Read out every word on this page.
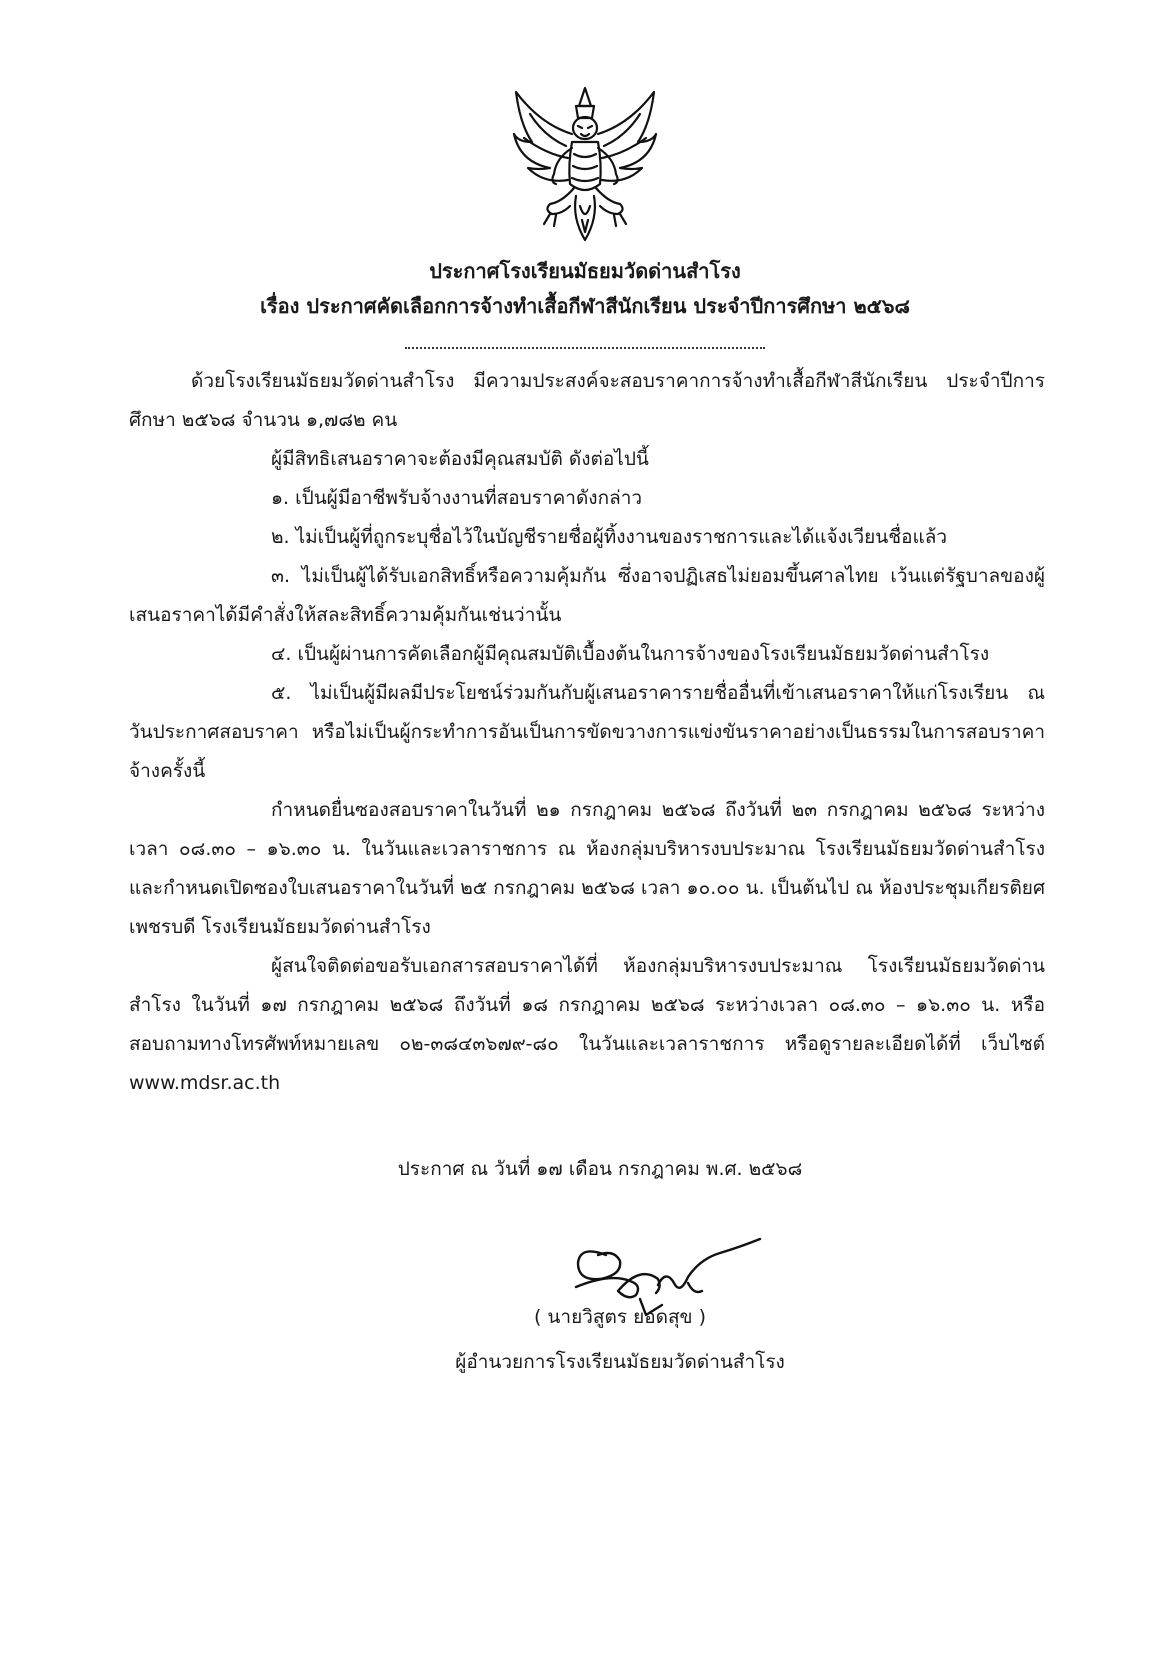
ประกาศโรงเรียนมัธยมวัดด่านสำโรง
เรื่อง ประกาศคัดเลือกการจ้างทำเสื้อกีฬาสีนักเรียน ประจำปีการศึกษา ๒๕๖๘

ด้วยโรงเรียนมัธยมวัดด่านสำโรง มีความประสงค์จะสอบราคาการจ้างทำเสื้อกีฬาสีนักเรียน ประจำปีการศึกษา ๒๕๖๘ จำนวน ๑,๗๘๒ คน

ผู้มีสิทธิเสนอราคาจะต้องมีคุณสมบัติ ดังต่อไปนี้

๑. เป็นผู้มีอาชีพรับจ้างงานที่สอบราคาดังกล่าว

๒. ไม่เป็นผู้ที่ถูกระบุชื่อไว้ในบัญชีรายชื่อผู้ทิ้งงานของราชการและได้แจ้งเวียนชื่อแล้ว

๓. ไม่เป็นผู้ได้รับเอกสิทธิ์หรือความคุ้มกัน ซึ่งอาจปฏิเสธไม่ยอมขึ้นศาลไทย เว้นแต่รัฐบาลของผู้เสนอราคาได้มีคำสั่งให้สละสิทธิ์ความคุ้มกันเช่นว่านั้น

๔. เป็นผู้ผ่านการคัดเลือกผู้มีคุณสมบัติเบื้องต้นในการจ้างของโรงเรียนมัธยมวัดด่านสำโรง

๕. ไม่เป็นผู้มีผลมีประโยชน์ร่วมกันกับผู้เสนอราคารายชื่ออื่นที่เข้าเสนอราคาให้แก่โรงเรียน ณ วันประกาศสอบราคา หรือไม่เป็นผู้กระทำการอันเป็นการขัดขวางการแข่งขันราคาอย่างเป็นธรรมในการสอบราคาจ้างครั้งนี้

กำหนดยื่นซองสอบราคาในวันที่ ๒๑ กรกฎาคม ๒๕๖๘ ถึงวันที่ ๒๓ กรกฎาคม ๒๕๖๘ ระหว่างเวลา ๐๘.๓๐ – ๑๖.๓๐ น. ในวันและเวลาราชการ ณ ห้องกลุ่มบริหารงบประมาณ โรงเรียนมัธยมวัดด่านสำโรง และกำหนดเปิดซองใบเสนอราคาในวันที่ ๒๕ กรกฎาคม ๒๕๖๘ เวลา ๑๐.๐๐ น. เป็นต้นไป ณ ห้องประชุมเกียรติยศเพชรบดี โรงเรียนมัธยมวัดด่านสำโรง

ผู้สนใจติดต่อขอรับเอกสารสอบราคาได้ที่ ห้องกลุ่มบริหารงบประมาณ โรงเรียนมัธยมวัดด่านสำโรง ในวันที่ ๑๗ กรกฎาคม ๒๕๖๘ ถึงวันที่ ๑๘ กรกฎาคม ๒๕๖๘ ระหว่างเวลา ๐๘.๓๐ – ๑๖.๓๐ น. หรือสอบถามทางโทรศัพท์หมายเลข ๐๒-๓๘๔๓๖๗๙-๘๐ ในวันและเวลาราชการ หรือดูรายละเอียดได้ที่ เว็บไซต์ www.mdsr.ac.th

ประกาศ ณ วันที่ ๑๗ เดือน กรกฎาคม พ.ศ. ๒๕๖๘
( นายวิสูตร ยอดสุข )
ผู้อำนวยการโรงเรียนมัธยมวัดด่านสำโรง
